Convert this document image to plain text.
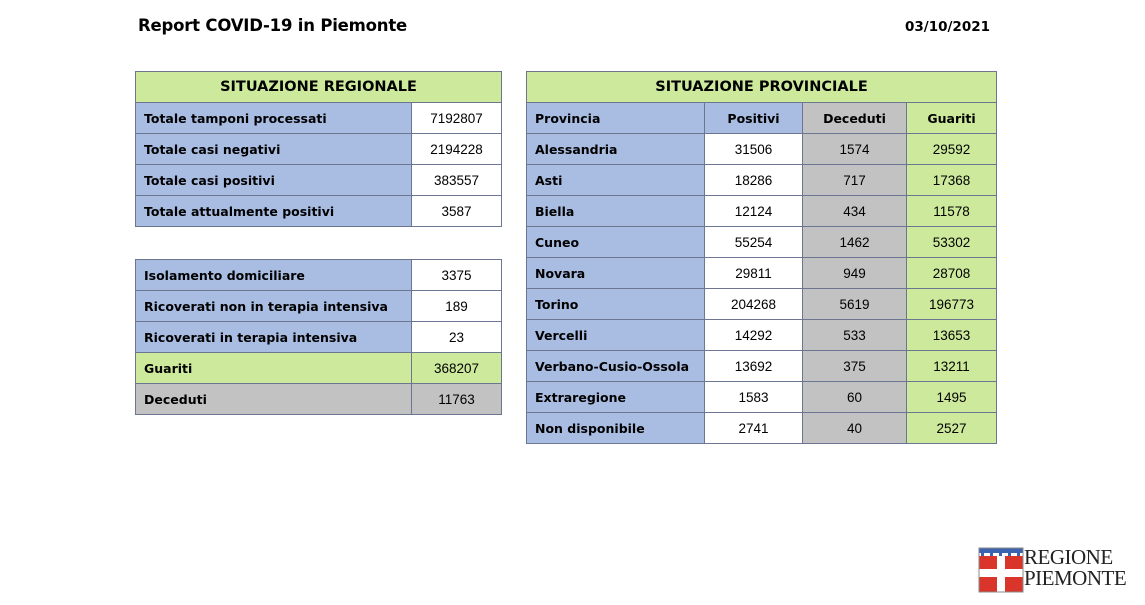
Report COVID-19 in Piemonte	03/10/2021
SITUAZIONE REGIONALE	
Totale tamponi processati	7192807
Totale casi negativi	2194228
Totale casi positivi	383557
Totale attualmente positivi	3587
Isolamento domiciliare	3375
Ricoverati non in terapia intensiva	189
Ricoverati in terapia intensiva	23
Guariti	368207
Deceduti	11763
SITUAZIONE PROVINCIALE			
Provincia	Positivi	Deceduti	Guariti
Alessandria	31506	1574	29592
Asti	18286	717	17368
Biella	12124	434	11578
Cuneo	55254	1462	53302
Novara	29811	949	28708
Torino	204268	5619	196773
Vercelli	14292	533	13653
Verbano-Cusio-Ossola	13692	375	13211
Extraregione	1583	60	1495
Non disponibile	2741	40	2527
REGIONE
PIEMONTE
